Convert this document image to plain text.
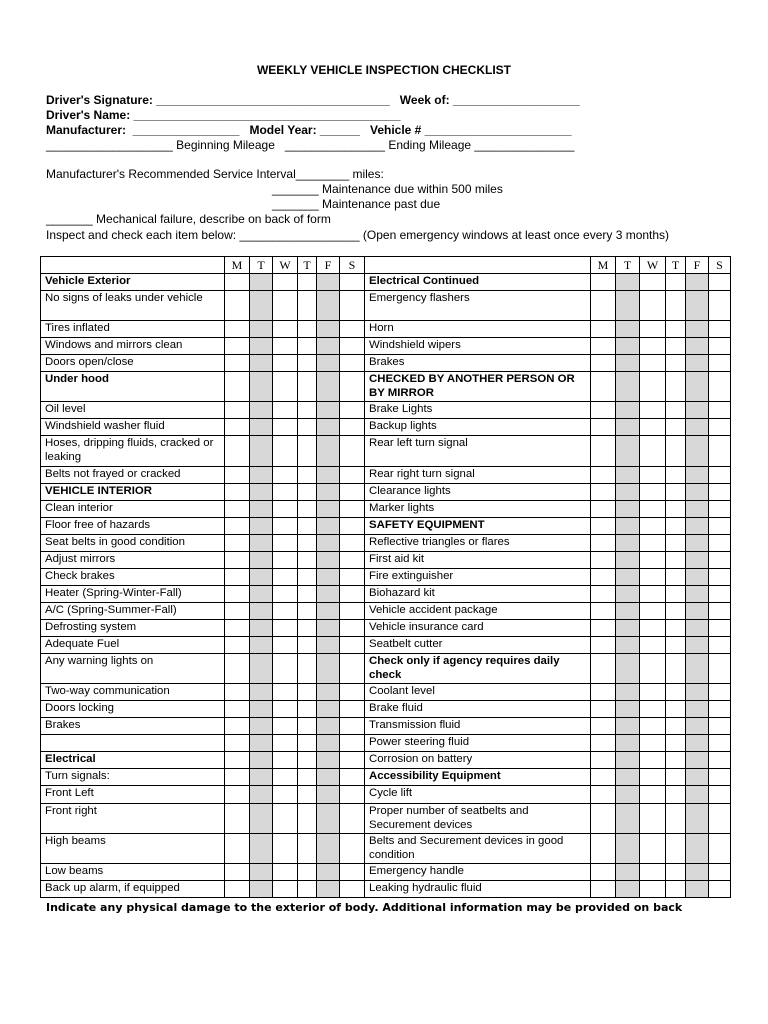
WEEKLY VEHICLE INSPECTION CHECKLIST
Driver's Signature: ___________________________________   Week of: ___________________
Driver's Name: ________________________________________
Manufacturer:  ________________   Model Year: ______   Vehicle # ______________________
___________________ Beginning Mileage   _______________ Ending Mileage _______________
Manufacturer's Recommended Service Interval________ miles:
_______ Maintenance due within 500 miles
_______ Maintenance past due
_______ Mechanical failure, describe on back of form
Inspect and check each item below: __________________ (Open emergency windows at least once every 3 months)
	M	T	W	T	F	S		M	T	W	T	F	S
Vehicle Exterior							Electrical Continued						
No signs of leaks under vehicle							Emergency flashers						
Tires inflated							Horn						
Windows and mirrors clean							Windshield wipers						
Doors open/close							Brakes						
Under hood							CHECKED BY ANOTHER PERSON OR BY MIRROR						
Oil level							Brake Lights						
Windshield washer fluid							Backup lights						
Hoses, dripping fluids, cracked or leaking							Rear left turn signal						
Belts not frayed or cracked							Rear right turn signal						
VEHICLE INTERIOR							Clearance lights						
Clean interior							Marker lights						
Floor free of hazards							SAFETY EQUIPMENT						
Seat belts in good condition							Reflective triangles or flares						
Adjust mirrors							First aid kit						
Check brakes							Fire extinguisher						
Heater (Spring-Winter-Fall)							Biohazard kit						
A/C (Spring-Summer-Fall)							Vehicle accident package						
Defrosting system							Vehicle insurance card						
Adequate Fuel							Seatbelt cutter						
Any warning lights on							Check only if agency requires daily check						
Two-way communication							Coolant level						
Doors locking							Brake fluid						
Brakes							Transmission fluid						
							Power steering fluid						
Electrical							Corrosion on battery						
Turn signals:							Accessibility Equipment						
Front Left							Cycle lift						
Front right							Proper number of seatbelts and Securement devices						
High beams							Belts and Securement devices in good condition						
Low beams							Emergency handle						
Back up alarm, if equipped							Leaking hydraulic fluid						
Indicate any physical damage to the exterior of body. Additional information may be provided on back
